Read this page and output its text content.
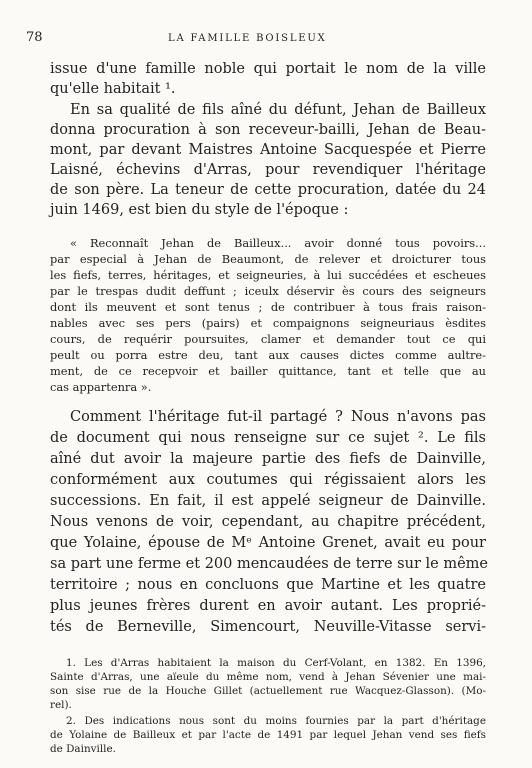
78	LA FAMILLE BOISLEUX
issue d'une famille noble qui portait le nom de la ville
qu'elle habitait ¹.
En sa qualité de fils aîné du défunt, Jehan de Bailleux
donna procuration à son receveur-bailli, Jehan de Beau-
mont, par devant Maistres Antoine Sacquespée et Pierre
Laisné, échevins d'Arras, pour revendiquer l'héritage
de son père. La teneur de cette procuration, datée du 24
juin 1469, est bien du style de l'époque :
« Reconnaît Jehan de Bailleux... avoir donné tous povoirs...
par especial à Jehan de Beaumont, de relever et droicturer tous
les fiefs, terres, héritages, et seigneuries, à lui succédées et escheues
par le trespas dudit deffunt ; iceulx déservir ès cours des seigneurs
dont ils meuvent et sont tenus ; de contribuer à tous frais raison-
nables avec ses pers (pairs) et compaignons seigneuriaus èsdites
cours, de requérir poursuites, clamer et demander tout ce qui
peult ou porra estre deu, tant aux causes dictes comme aultre-
ment, de ce recepvoir et bailler quittance, tant et telle que au
cas appartenra ».
Comment l'héritage fut-il partagé ? Nous n'avons pas
de document qui nous renseigne sur ce sujet ². Le fils
aîné dut avoir la majeure partie des fiefs de Dainville,
conformément aux coutumes qui régissaient alors les
successions. En fait, il est appelé seigneur de Dainville.
Nous venons de voir, cependant, au chapitre précédent,
que Yolaine, épouse de Mᵉ Antoine Grenet, avait eu pour
sa part une ferme et 200 mencaudées de terre sur le même
territoire ; nous en concluons que Martine et les quatre
plus jeunes frères durent en avoir autant. Les proprié-
tés de Berneville, Simencourt, Neuville-Vitasse servi-
1. Les d'Arras habitaient la maison du Cerf-Volant, en 1382. En 1396,
Sainte d'Arras, une aïeule du même nom, vend à Jehan Sévenier une mai-
son sise rue de la Houche Gillet (actuellement rue Wacquez-Glasson). (Mo-
rel).
2. Des indications nous sont du moins fournies par la part d'héritage
de Yolaine de Bailleux et par l'acte de 1491 par lequel Jehan vend ses fiefs
de Dainville.
